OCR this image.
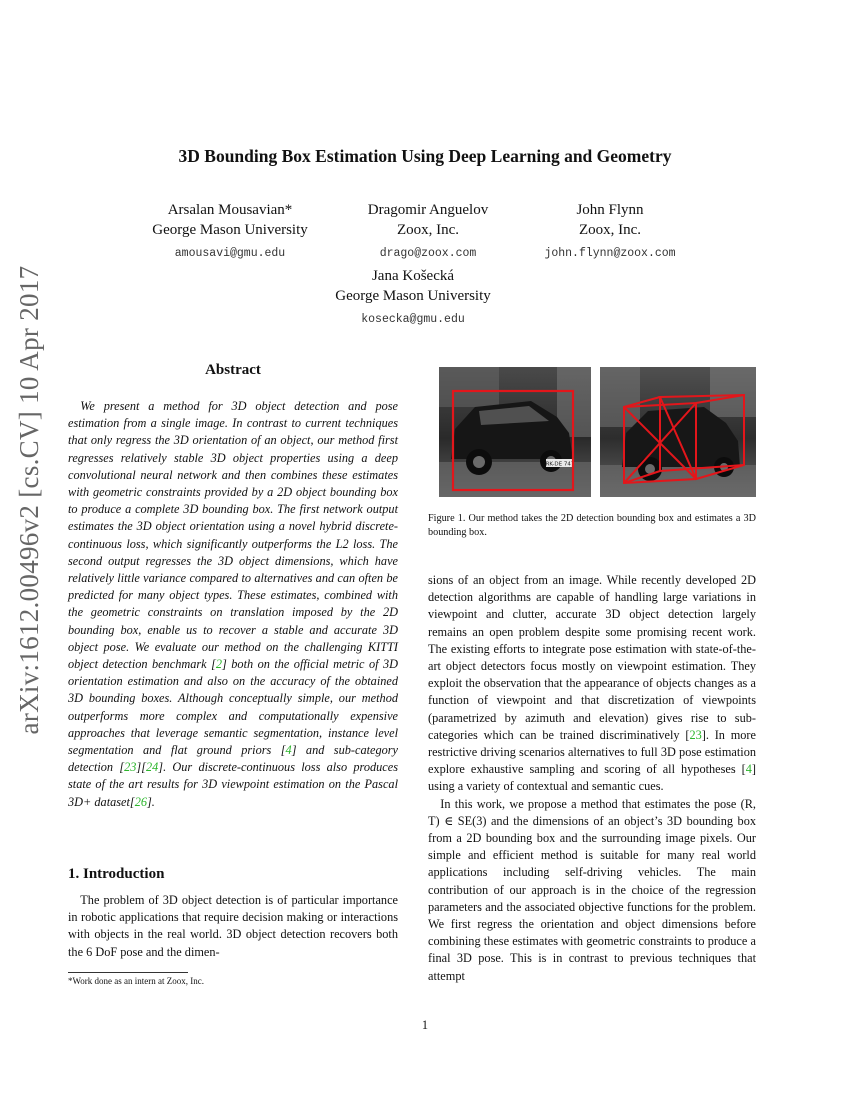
arXiv:1612.00496v2 [cs.CV] 10 Apr 2017
3D Bounding Box Estimation Using Deep Learning and Geometry
Arsalan Mousavian*
George Mason University
amousavi@gmu.edu
Dragomir Anguelov
Zoox, Inc.
drago@zoox.com
John Flynn
Zoox, Inc.
john.flynn@zoox.com
Jana Košecká
George Mason University
kosecka@gmu.edu
Abstract
We present a method for 3D object detection and pose estimation from a single image. In contrast to current techniques that only regress the 3D orientation of an object, our method first regresses relatively stable 3D object properties using a deep convolutional neural network and then combines these estimates with geometric constraints provided by a 2D object bounding box to produce a complete 3D bounding box. The first network output estimates the 3D object orientation using a novel hybrid discrete-continuous loss, which significantly outperforms the L2 loss. The second output regresses the 3D object dimensions, which have relatively little variance compared to alternatives and can often be predicted for many object types. These estimates, combined with the geometric constraints on translation imposed by the 2D bounding box, enable us to recover a stable and accurate 3D object pose. We evaluate our method on the challenging KITTI object detection benchmark [2] both on the official metric of 3D orientation estimation and also on the accuracy of the obtained 3D bounding boxes. Although conceptually simple, our method outperforms more complex and computationally expensive approaches that leverage semantic segmentation, instance level segmentation and flat ground priors [4] and sub-category detection [23][24]. Our discrete-continuous loss also produces state of the art results for 3D viewpoint estimation on the Pascal 3D+ dataset[26].
1. Introduction
The problem of 3D object detection is of particular importance in robotic applications that require decision making or interactions with objects in the real world. 3D object detection recovers both the 6 DoF pose and the dimen-
*Work done as an intern at Zoox, Inc.
RK-DE 747
Figure 1. Our method takes the 2D detection bounding box and estimates a 3D bounding box.

sions of an object from an image. While recently developed 2D detection algorithms are capable of handling large variations in viewpoint and clutter, accurate 3D object detection largely remains an open problem despite some promising recent work. The existing efforts to integrate pose estimation with state-of-the-art object detectors focus mostly on viewpoint estimation. They exploit the observation that the appearance of objects changes as a function of viewpoint and that discretization of viewpoints (parametrized by azimuth and elevation) gives rise to sub-categories which can be trained discriminatively [23]. In more restrictive driving scenarios alternatives to full 3D pose estimation explore exhaustive sampling and scoring of all hypotheses [4] using a variety of contextual and semantic cues.

In this work, we propose a method that estimates the pose (R, T) ∈ SE(3) and the dimensions of an object’s 3D bounding box from a 2D bounding box and the surrounding image pixels. Our simple and efficient method is suitable for many real world applications including self-driving vehicles. The main contribution of our approach is in the choice of the regression parameters and the associated objective functions for the problem. We first regress the orientation and object dimensions before combining these estimates with geometric constraints to produce a final 3D pose. This is in contrast to previous techniques that attempt

1
